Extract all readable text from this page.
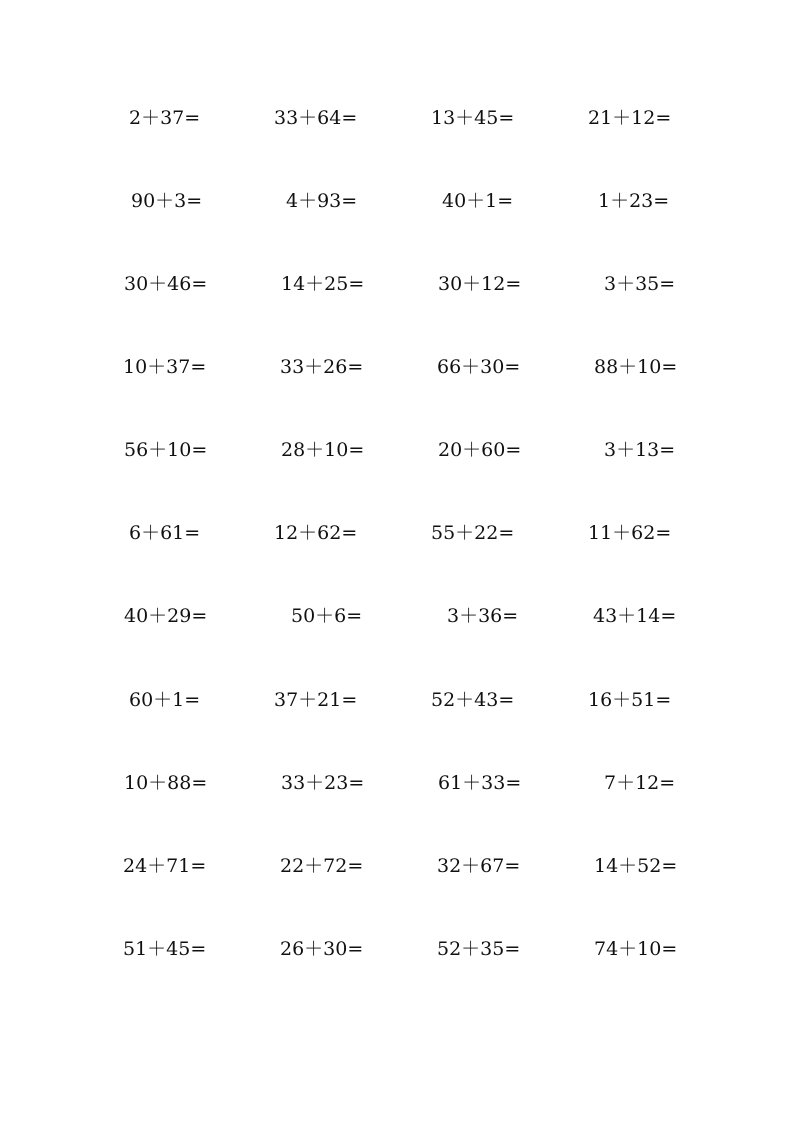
2＋37=	33＋64=	13＋45=	21＋12=
90＋3=	4＋93=	40＋1=	1＋23=
30＋46=	14＋25=	30＋12=	3＋35=
10＋37=	33＋26=	66＋30=	88＋10=
56＋10=	28＋10=	20＋60=	3＋13=
6＋61=	12＋62=	55＋22=	11＋62=
40＋29=	50＋6=	3＋36=	43＋14=
60＋1=	37＋21=	52＋43=	16＋51=
10＋88=	33＋23=	61＋33=	7＋12=
24＋71=	22＋72=	32＋67=	14＋52=
51＋45=	26＋30=	52＋35=	74＋10=
